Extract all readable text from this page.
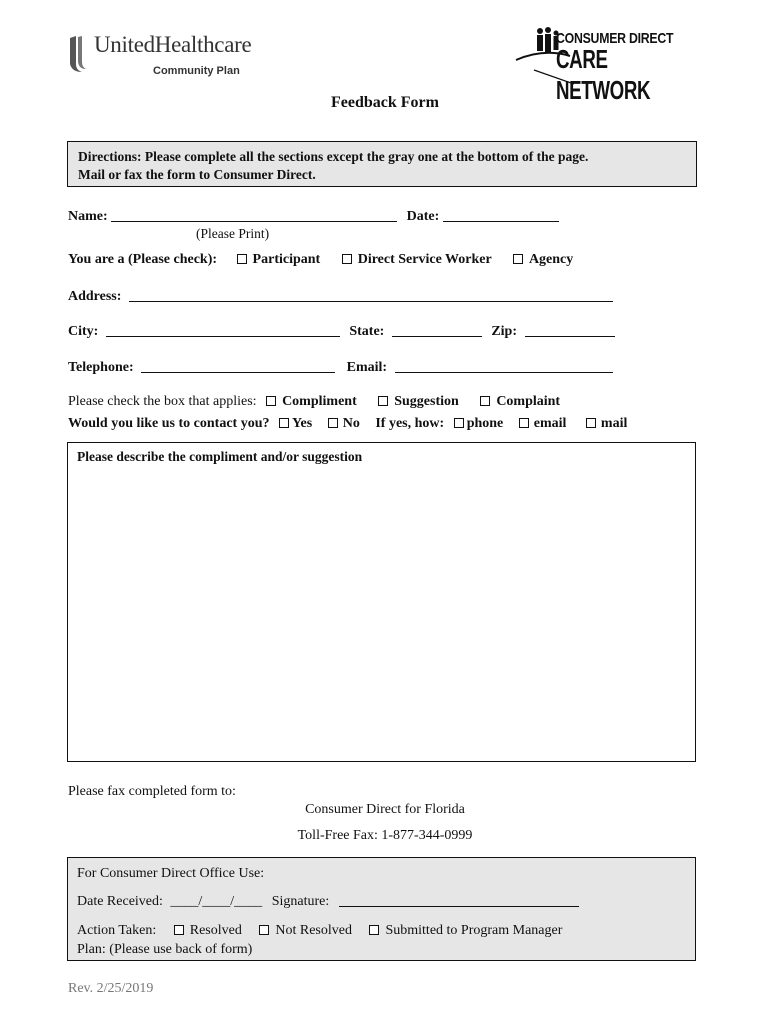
UnitedHealthcare
Community Plan
CONSUMER DIRECT
CARE NETWORK
Feedback Form
Directions: Please complete all the sections except the gray one at the bottom of the page.
Mail or fax the form to Consumer Direct.
Name:	Date:
(Please Print)
You are a (Please check):	Participant	Direct Service Worker	Agency
Address:
City:	State:	Zip:
Telephone:	Email:
Please check the box that applies: Compliment	Suggestion	Complaint
Would you like us to contact you? Yes No If yes, how: phone email mail
Please describe the compliment and/or suggestion
Please fax completed form to:
Consumer Direct for Florida
Toll-Free Fax: 1-877-344-0999
For Consumer Direct Office Use:
Date Received: ____/____/____ Signature:
Action Taken: Resolved Not Resolved Submitted to Program Manager
Plan: (Please use back of form)
Rev. 2/25/2019
